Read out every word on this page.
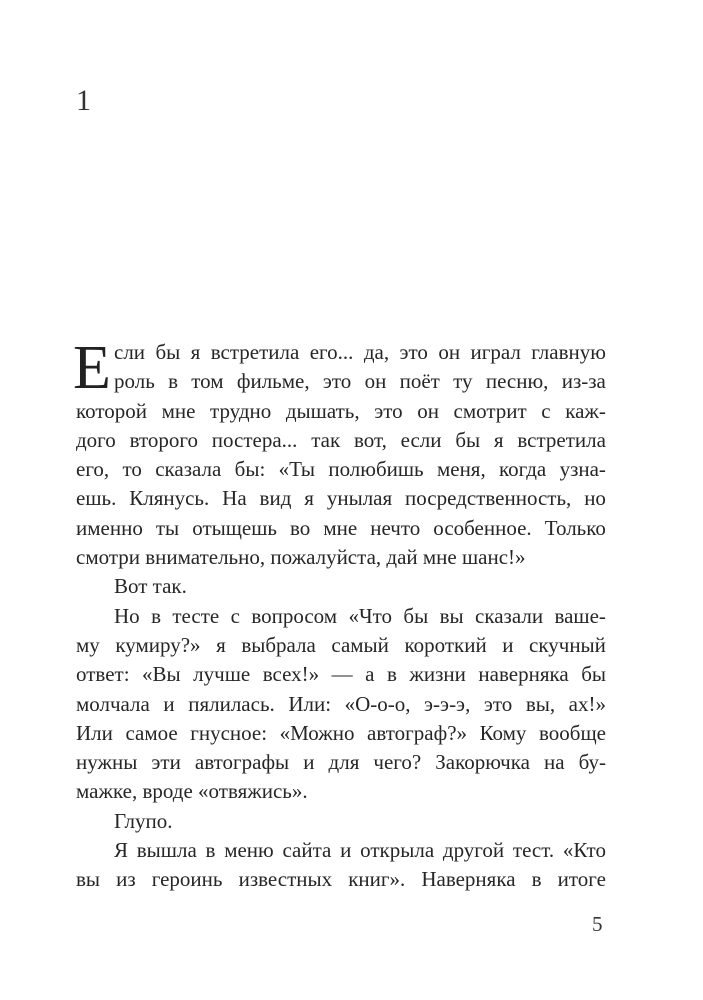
1
Е сли бы я встретила его... да, это он играл главную
роль в том фильме, это он поёт ту песню, из-за
которой мне трудно дышать, это он смотрит с каж-
дого второго постера... так вот, если бы я встретила
его, то сказала бы: «Ты полюбишь меня, когда узна-
ешь. Клянусь. На вид я унылая посредственность, но
именно ты отыщешь во мне нечто особенное. Только
смотри внимательно, пожалуйста, дай мне шанс!»
Вот так.
Но в тесте с вопросом «Что бы вы сказали ваше-
му кумиру?» я выбрала самый короткий и скучный
ответ: «Вы лучше всех!» — а в жизни наверняка бы
молчала и пялилась. Или: «О-о-о, э-э-э, это вы, ах!»
Или самое гнусное: «Можно автограф?» Кому вообще
нужны эти автографы и для чего? Закорючка на бу-
мажке, вроде «отвяжись».
Глупо.
Я вышла в меню сайта и открыла другой тест. «Кто
вы из героинь известных книг». Наверняка в итоге
5
